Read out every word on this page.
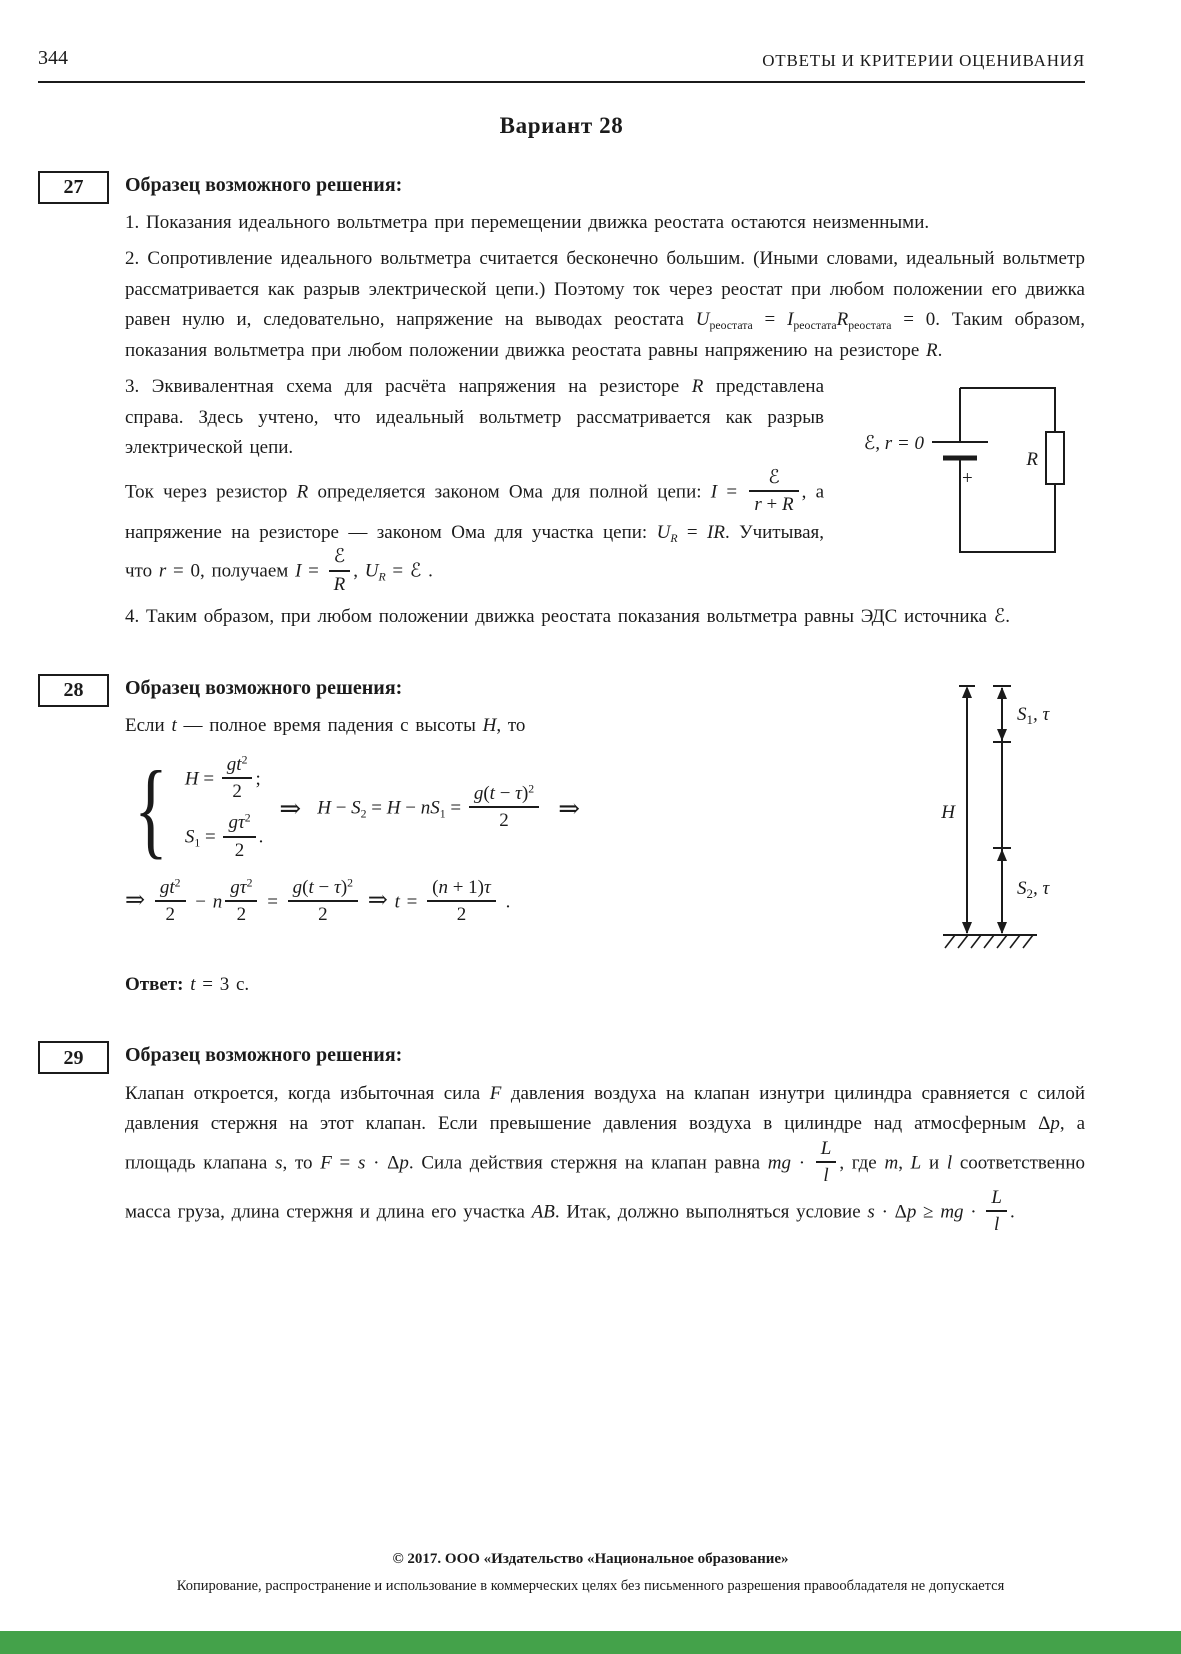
344	ОТВЕТЫ И КРИТЕРИИ ОЦЕНИВАНИЯ
Вариант 28
27	Образец возможного решения:

1. Показания идеального вольтметра при перемещении движка реостата остаются неизменными.

2. Сопротивление идеального вольтметра считается бесконечно большим. (Иными словами, идеальный вольтметр рассматривается как разрыв электрической цепи.) Поэтому ток через реостат при любом положении его движка равен нулю и, следовательно, напряжение на выводах реостата $U_{реостата} = I_{реостата}R_{реостата} = 0$. Таким образом, показания вольтметра при любом положении движка реостата равны напряжению на резисторе R.

ℰ, r = 0
+
R

3. Эквивалентная схема для расчёта напряжения на резисторе R представлена справа. Здесь учтено, что идеальный вольтметр рассматривается как разрыв электрической цепи.

Ток через резистор R определяется законом Ома для полной цепи: $I = \frac{\text{ℰ}}{r + R}$ , а напряжение на резисторе — законом Ома для участка цепи: $U_R$ = IR. Учитывая, что r = 0, получаем $I = \frac{\text{ℰ}}{R}$ , $U_R$ = ℰ .

4. Таким образом, при любом положении движка реостата показания вольтметра равны ЭДС источника ℰ.

28
H
$S_1$, τ
$S_2$, τ
Образец возможного решения:

Если t — полное время падения с высоты H, то

{ $H = \frac{gt^2}{2}$ ;
$S_1 = \frac{g\tau^2}{2}$ .
⇒ $H - S_2 = H - nS_1 = \frac{g(t - \tau)^2}{2}$ ⇒

⇒ $\frac{gt^2}{2} - n \frac{g\tau^2}{2} = \frac{g(t - \tau)^2}{2}$ ⇒ $t = \frac{(n + 1)\tau}{2}$ .

Ответ: t = 3 с.

29	Образец возможного решения:

Клапан откроется, когда избыточная сила F давления воздуха на клапан изнутри цилиндра сравняется с силой давления стержня на этот клапан. Если превышение давления воздуха в цилиндре над атмосферным Δp, а площадь клапана s, то F = s · Δp. Сила действия стержня на клапан равна mg · $\frac{L}{l}$ , где m, L и l соответственно масса груза, длина стержня и длина его участка AB. Итак, должно выполняться условие s · Δp ≥ mg · $\frac{L}{l}$ .

© 2017. ООО «Издательство «Национальное образование»

Копирование, распространение и использование в коммерческих целях без письменного разрешения правообладателя не допускается
